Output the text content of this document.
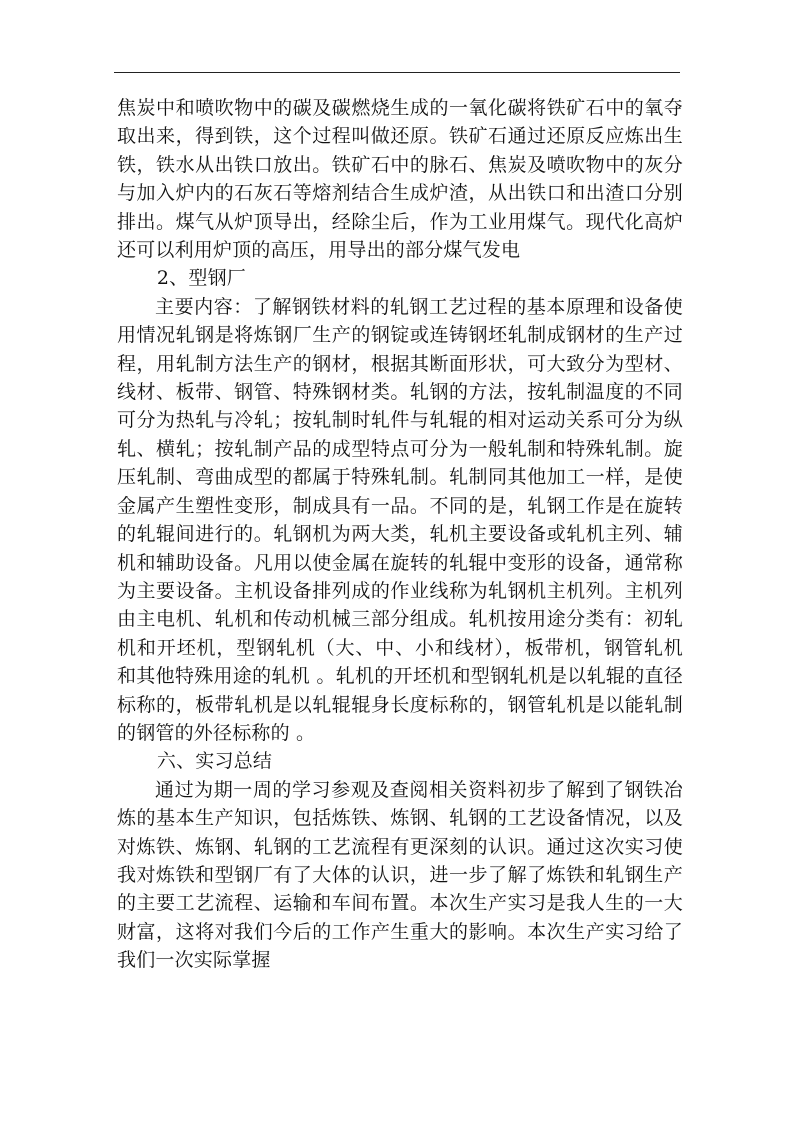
焦炭中和喷吹物中的碳及碳燃烧生成的一氧化碳将铁矿石中的氧夺取出来，得到铁，这个过程叫做还原。铁矿石通过还原反应炼出生铁，铁水从出铁口放出。铁矿石中的脉石、焦炭及喷吹物中的灰分与加入炉内的石灰石等熔剂结合生成炉渣，从出铁口和出渣口分别排出。煤气从炉顶导出，经除尘后，作为工业用煤气。现代化高炉还可以利用炉顶的高压，用导出的部分煤气发电

2、型钢厂

主要内容：了解钢铁材料的轧钢工艺过程的基本原理和设备使用情况轧钢是将炼钢厂生产的钢锭或连铸钢坯轧制成钢材的生产过程，用轧制方法生产的钢材，根据其断面形状，可大致分为型材、线材、板带、钢管、特殊钢材类。轧钢的方法，按轧制温度的不同可分为热轧与冷轧；按轧制时轧件与轧辊的相对运动关系可分为纵轧、横轧；按轧制产品的成型特点可分为一般轧制和特殊轧制。旋压轧制、弯曲成型的都属于特殊轧制。轧制同其他加工一样，是使金属产生塑性变形，制成具有一品。不同的是，轧钢工作是在旋转的轧辊间进行的。轧钢机为两大类，轧机主要设备或轧机主列、辅机和辅助设备。凡用以使金属在旋转的轧辊中变形的设备，通常称为主要设备。主机设备排列成的作业线称为轧钢机主机列。主机列由主电机、轧机和传动机械三部分组成。轧机按用途分类有：初轧机和开坯机，型钢轧机（大、中、小和线材），板带机，钢管轧机和其他特殊用途的轧机 。轧机的开坯机和型钢轧机是以轧辊的直径标称的，板带轧机是以轧辊辊身长度标称的，钢管轧机是以能轧制的钢管的外径标称的 。

六、实习总结

通过为期一周的学习参观及查阅相关资料初步了解到了钢铁冶炼的基本生产知识，包括炼铁、炼钢、轧钢的工艺设备情况，以及对炼铁、炼钢、轧钢的工艺流程有更深刻的认识。通过这次实习使我对炼铁和型钢厂有了大体的认识，进一步了解了炼铁和轧钢生产的主要工艺流程、运输和车间布置。本次生产实习是我人生的一大财富，这将对我们今后的工作产生重大的影响。本次生产实习给了我们一次实际掌握
